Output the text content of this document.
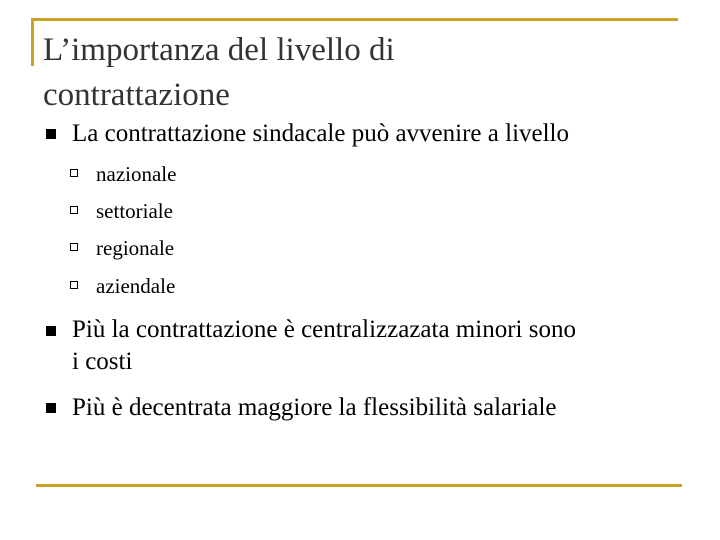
L’importanza del livello di
contrattazione
La contrattazione sindacale può avvenire a livello
nazionale
settoriale
regionale
aziendale
Più la contrattazione è centralizzazata minori sono
i costi
Più è decentrata maggiore la flessibilità salariale
